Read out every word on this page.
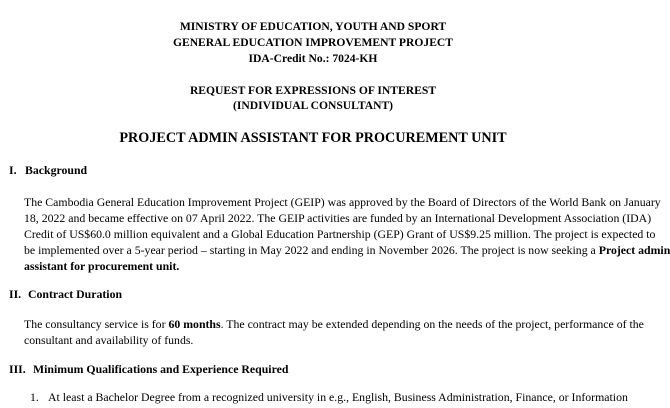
MINISTRY OF EDUCATION, YOUTH AND SPORT
GENERAL EDUCATION IMPROVEMENT PROJECT
IDA-Credit No.: 7024-KH
REQUEST FOR EXPRESSIONS OF INTEREST
(INDIVIDUAL CONSULTANT)
PROJECT ADMIN ASSISTANT FOR PROCUREMENT UNIT
I. Background
The Cambodia General Education Improvement Project (GEIP) was approved by the Board of Directors of the World Bank on January
18, 2022 and became effective on 07 April 2022. The GEIP activities are funded by an International Development Association (IDA)
Credit of US$60.0 million equivalent and a Global Education Partnership (GEP) Grant of US$9.25 million. The project is expected to
be implemented over a 5-year period – starting in May 2022 and ending in November 2026. The project is now seeking a Project admin
assistant for procurement unit.
II. Contract Duration
The consultancy service is for 60 months. The contract may be extended depending on the needs of the project, performance of the
consultant and availability of funds.
III. Minimum Qualifications and Experience Required
1. At least a Bachelor Degree from a recognized university in e.g., English, Business Administration, Finance, or Information
